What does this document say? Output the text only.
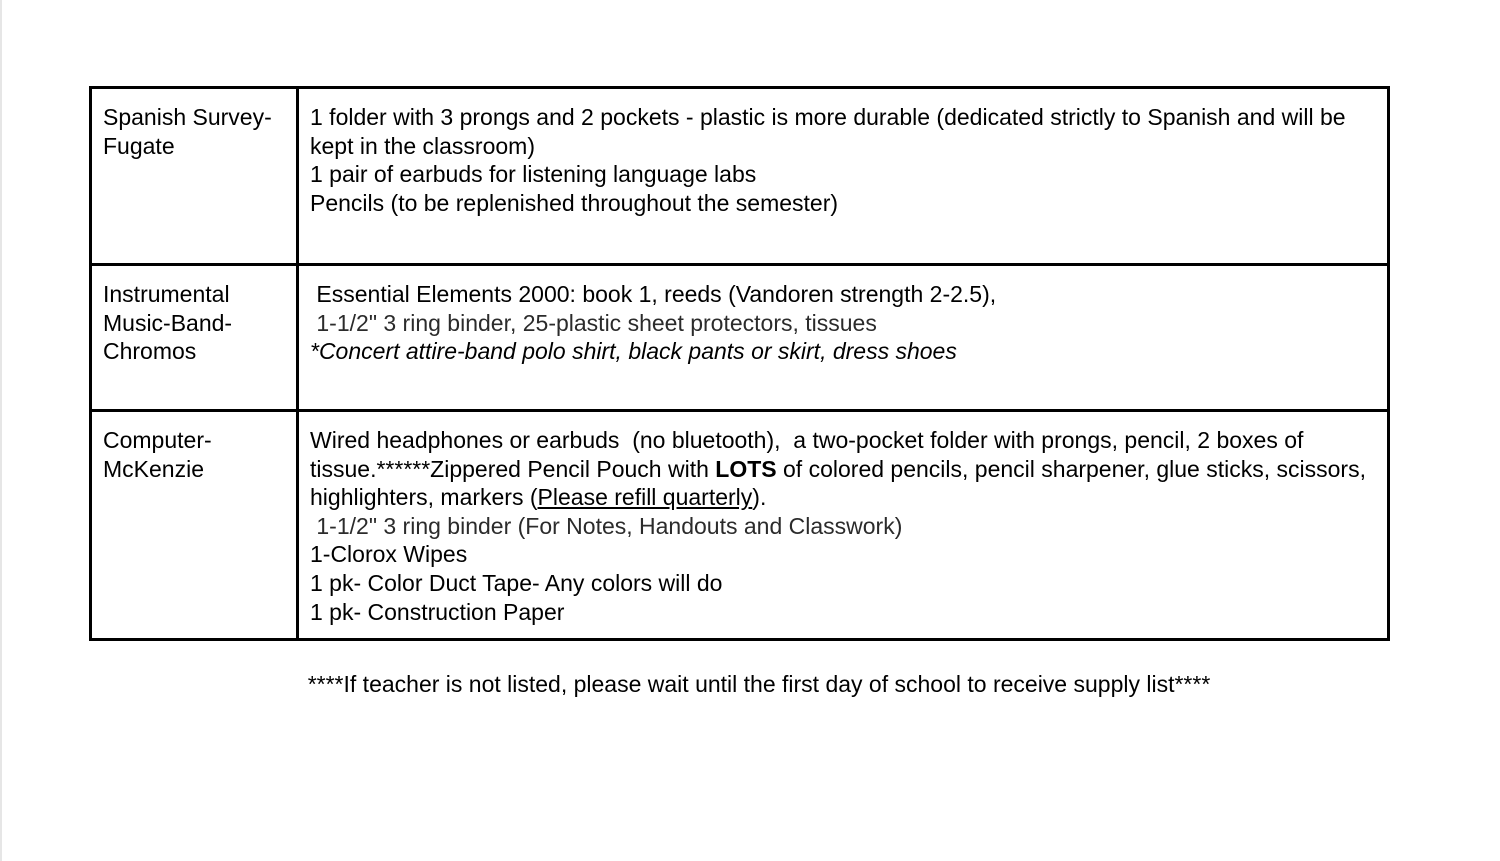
Spanish Survey- Fugate	1 folder with 3 prongs and 2 pockets - plastic is more durable (dedicated strictly to Spanish and will be kept in the classroom)
1 pair of earbuds for listening language labs
Pencils (to be replenished throughout the semester)

Instrumental Music-Band-Chromos	Essential Elements 2000: book 1, reeds (Vandoren strength 2-2.5),
1-1/2" 3 ring binder, 25-plastic sheet protectors, tissues
*Concert attire-band polo shirt, black pants or skirt, dress shoes

Computer-McKenzie	Wired headphones or earbuds  (no bluetooth),  a two-pocket folder with prongs, pencil, 2 boxes of tissue.******Zippered Pencil Pouch with LOTS of colored pencils, pencil sharpener, glue sticks, scissors, highlighters, markers (Please refill quarterly).
1-1/2" 3 ring binder (For Notes, Handouts and Classwork)
1-Clorox Wipes
1 pk- Color Duct Tape- Any colors will do
1 pk- Construction Paper
****If teacher is not listed, please wait until the first day of school to receive supply list****
